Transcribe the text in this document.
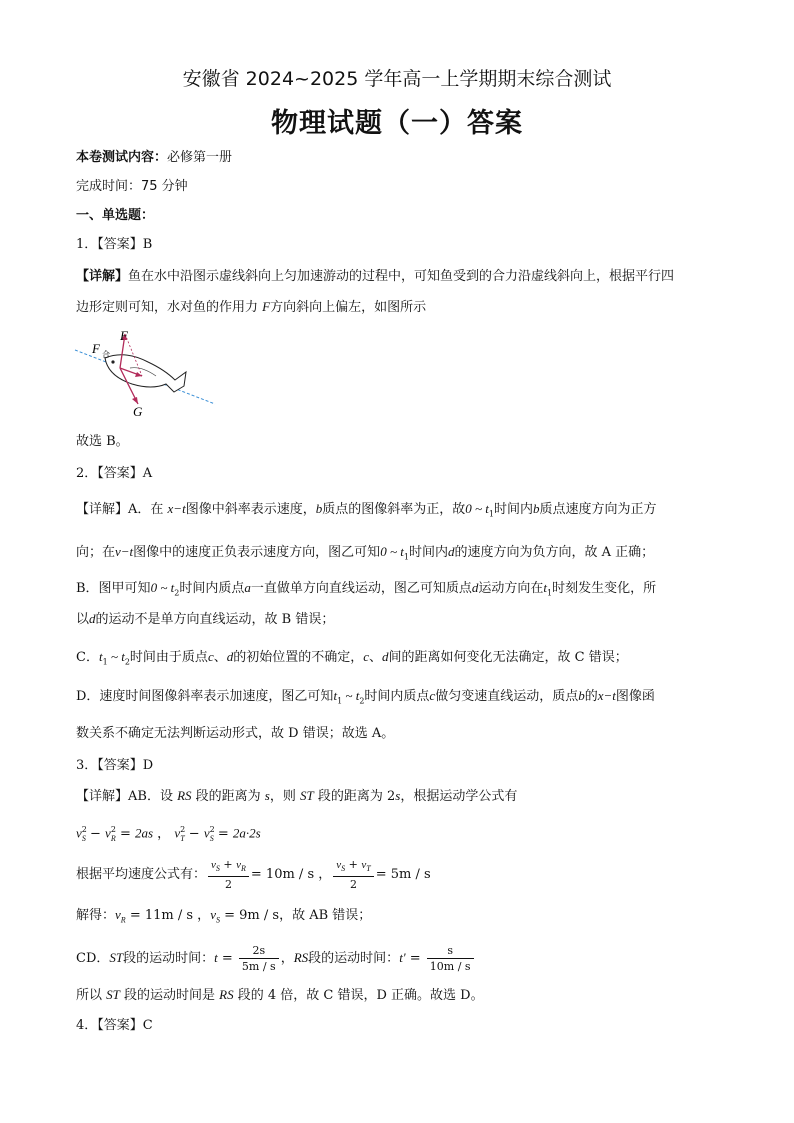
安徽省 2024~2025 学年高一上学期期末综合测试
物理试题（一）答案
本卷测试内容：必修第一册
完成时间：75 分钟
一、单选题：
1．【答案】B
【详解】鱼在水中沿图示虚线斜向上匀加速游动的过程中，可知鱼受到的合力沿虚线斜向上，根据平行四
边形定则可知，水对鱼的作用力 F方向斜向上偏左，如图所示
F
F 合
G
故选 B。
2．【答案】A
【详解】A．在 x−t图像中斜率表示速度，b质点的图像斜率为正，故0 ~ $t_1$时间内b质点速度方向为正方
向；在v−t图像中的速度正负表示速度方向，图乙可知0 ~ $t_1$时间内d的速度方向为负方向，故 A 正确；
B．图甲可知0 ~ $t_2$时间内质点a一直做单方向直线运动，图乙可知质点d运动方向在$t_1$时刻发生变化，所
以d的运动不是单方向直线运动，故 B 错误；
C．$t_1$ ~ $t_2$时间由于质点c、d的初始位置的不确定，c、d间的距离如何变化无法确定，故 C 错误；
D．速度时间图像斜率表示加速度，图乙可知$t_1$ ~ $t_2$时间内质点c做匀变速直线运动，质点b的x−t图像函
数关系不确定无法判断运动形式，故 D 错误；故选 A。
3．【答案】D
【详解】AB．设 RS 段的距离为 s，则 ST 段的距离为 2s，根据运动学公式有
$v^2_S - v^2_R = 2as$ ， $v^2_T - v^2_S = 2a\cdot 2s$
根据平均速度公式有： $\frac{v_S + v_R}{2} = 10m / s$ ， $\frac{v_S + v_T}{2} = 5m / s$
解得：$v_R = 11m / s$ ，$v_S = 9m / s$，故 AB 错误；
CD．ST段的运动时间：$t = \frac{2s}{5m / s}$ ，RS段的运动时间：$t' = \frac{s}{10m / s}$
所以 ST 段的运动时间是 RS 段的 4 倍，故 C 错误，D 正确。故选 D。
4．【答案】C
